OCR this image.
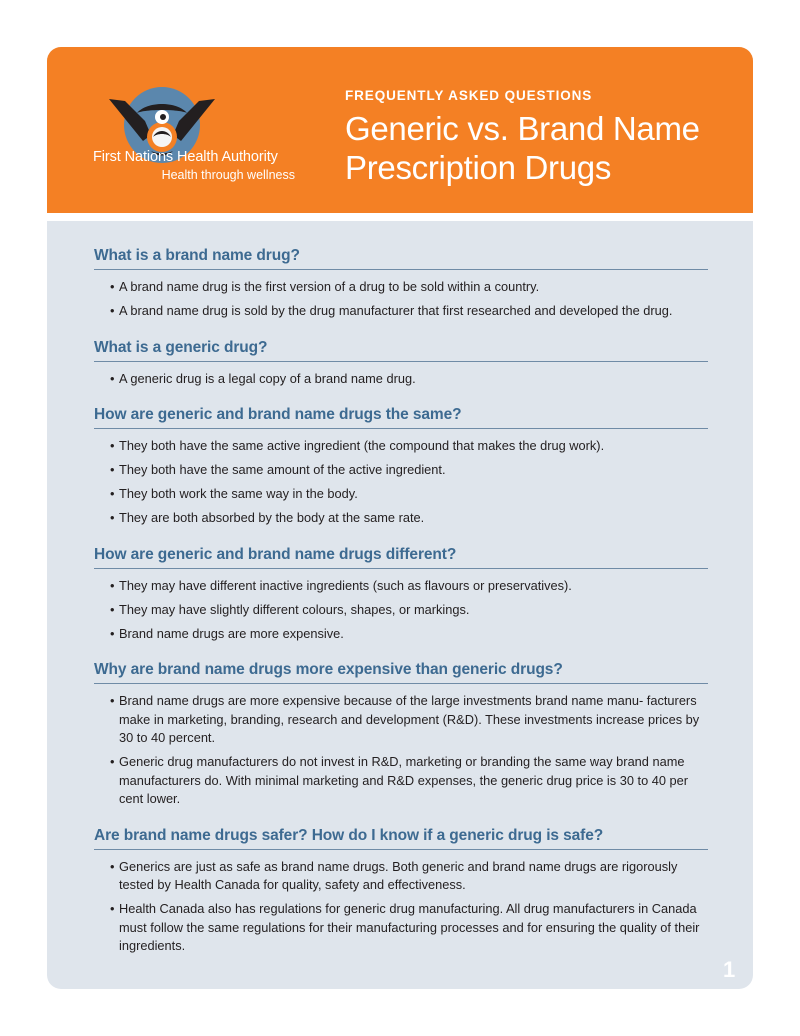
First Nations Health Authority
Health through wellness
FREQUENTLY ASKED QUESTIONS
Generic vs. Brand Name
Prescription Drugs
What is a brand name drug?
• A brand name drug is the first version of a drug to be sold within a country.
• A brand name drug is sold by the drug manufacturer that first researched and developed the drug.
What is a generic drug?
• A generic drug is a legal copy of a brand name drug.
How are generic and brand name drugs the same?
• They both have the same active ingredient (the compound that makes the drug work).
• They both have the same amount of the active ingredient.
• They both work the same way in the body.
• They are both absorbed by the body at the same rate.
How are generic and brand name drugs different?
• They may have different inactive ingredients (such as flavours or preservatives).
• They may have slightly different colours, shapes, or markings.
• Brand name drugs are more expensive.
Why are brand name drugs more expensive than generic drugs?
• Brand name drugs are more expensive because of the large investments brand name manu- facturers make in marketing, branding, research and development (R&D). These investments increase prices by 30 to 40 percent.
• Generic drug manufacturers do not invest in R&D, marketing or branding the same way brand name manufacturers do. With minimal marketing and R&D expenses, the generic drug price is 30 to 40 per cent lower.
Are brand name drugs safer? How do I know if a generic drug is safe?
• Generics are just as safe as brand name drugs. Both generic and brand name drugs are rigorously tested by Health Canada for quality, safety and effectiveness.
• Health Canada also has regulations for generic drug manufacturing. All drug manufacturers in Canada must follow the same regulations for their manufacturing processes and for ensuring the quality of their ingredients.
1
